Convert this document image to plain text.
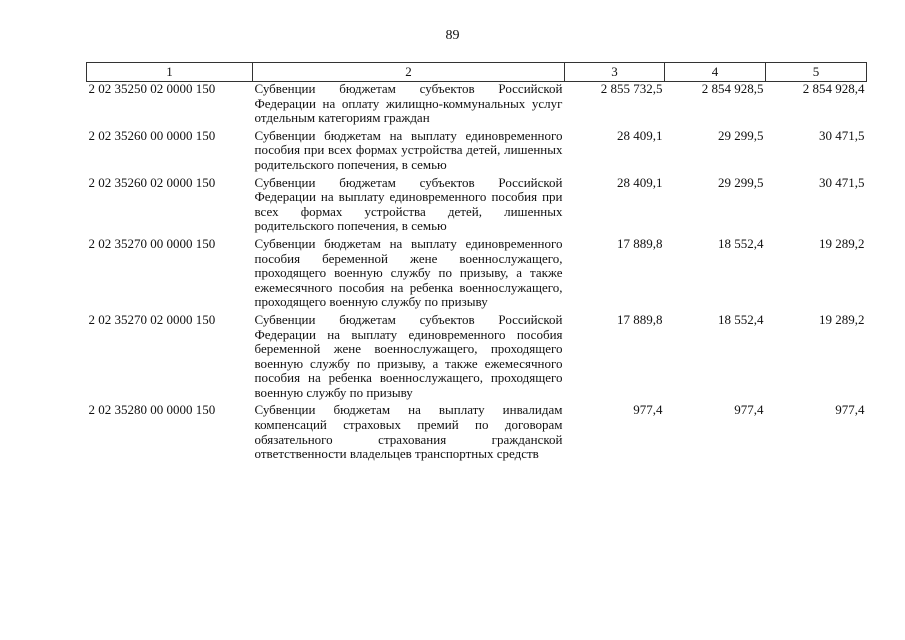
89
1	2	3	4	5
2 02 35250 02 0000 150	Субвенции бюджетам субъектов Российской Федерации на оплату жилищно-коммунальных услуг отдельным категориям граждан	2 855 732,5	2 854 928,5	2 854 928,4
2 02 35260 00 0000 150	Субвенции бюджетам на выплату единовременного пособия при всех формах устройства детей, лишенных родительского попечения, в семью	28 409,1	29 299,5	30 471,5
2 02 35260 02 0000 150	Субвенции бюджетам субъектов Российской Федерации на выплату единовременного пособия при всех формах устройства детей, лишенных родительского попечения, в семью	28 409,1	29 299,5	30 471,5
2 02 35270 00 0000 150	Субвенции бюджетам на выплату единовременного пособия беременной жене военнослужащего, проходящего военную службу по призыву, а также ежемесячного пособия на ребенка военнослужащего, проходящего военную службу по призыву	17 889,8	18 552,4	19 289,2
2 02 35270 02 0000 150	Субвенции бюджетам субъектов Российской Федерации на выплату единовременного пособия беременной жене военнослужащего, проходящего военную службу по призыву, а также ежемесячного пособия на ребенка военнослужащего, проходящего военную службу по призыву	17 889,8	18 552,4	19 289,2
2 02 35280 00 0000 150	Субвенции бюджетам на выплату инвалидам компенсаций страховых премий по договорам обязательного страхования гражданской ответственности владельцев транспортных средств	977,4	977,4	977,4
